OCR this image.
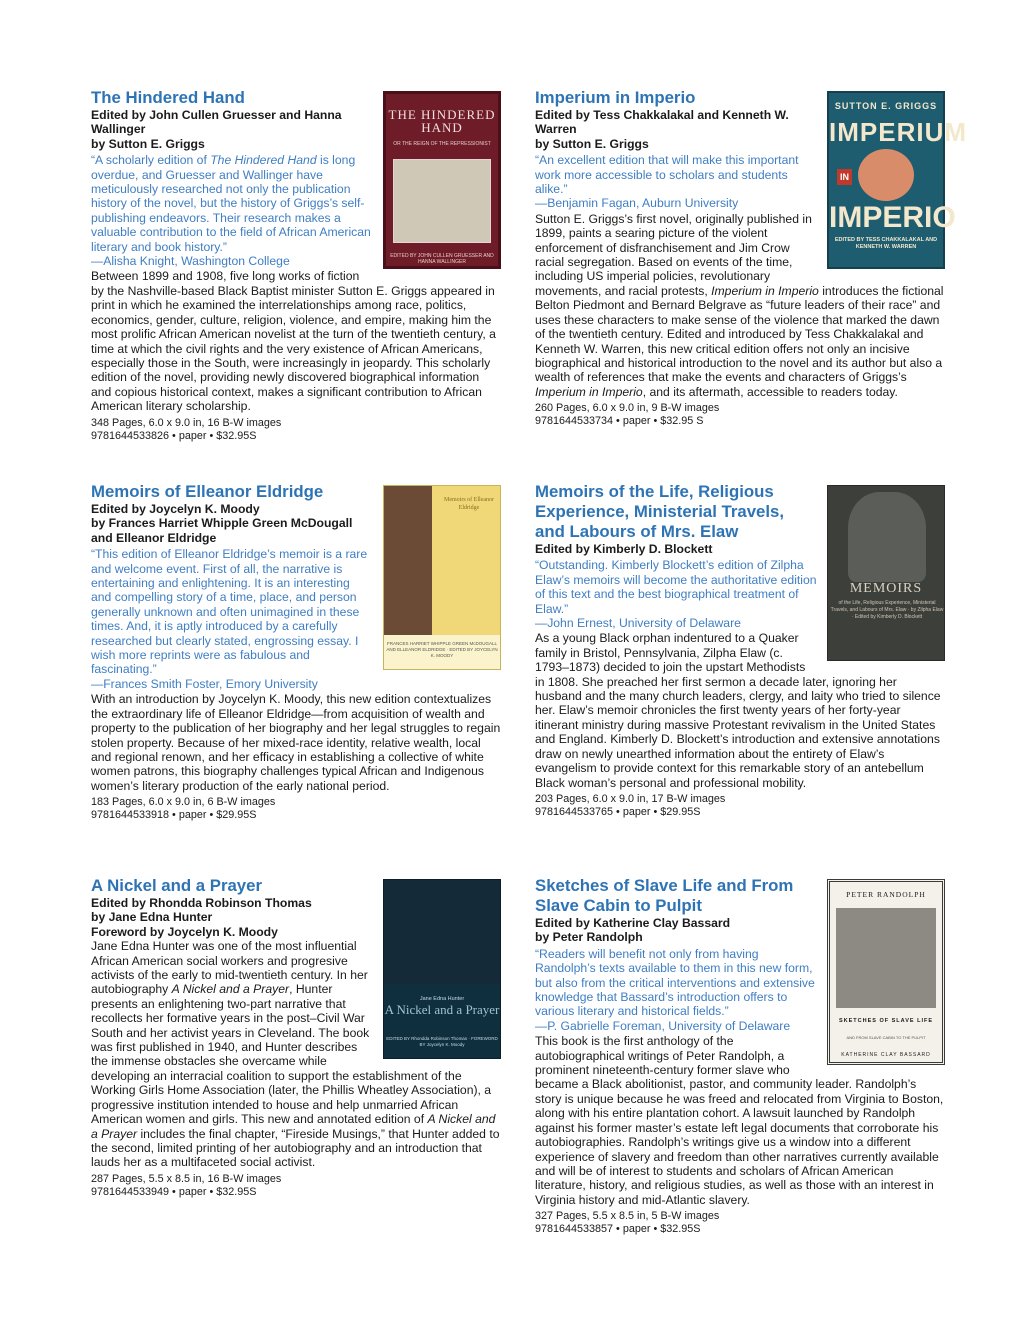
THE HINDERED HAND
OR THE REIGN OF THE REPRESSIONIST
EDITED BY JOHN CULLEN GRUESSER AND HANNA WALLINGER
The Hindered Hand
Edited by John Cullen Gruesser and Hanna Wallinger
by Sutton E. Griggs

“A scholarly edition of The Hindered Hand is long overdue, and Gruesser and Wallinger have meticulously researched not only the publication history of the novel, but the history of Griggs’s self-publishing endeavors. Their research makes a valuable contribution to the field of African American literary and book history.”

—Alisha Knight, Washington College

Between 1899 and 1908, five long works of fiction by the Nashville-based Black Baptist minister Sutton E. Griggs appeared in print in which he examined the interrelationships among race, politics, economics, gender, culture, religion, violence, and empire, making him the most prolific African American novelist at the turn of the twentieth century, a time at which the civil rights and the very existence of African Americans, especially those in the South, were increasingly in jeopardy. This scholarly edition of the novel, providing newly discovered biographical information and copious historical context, makes a significant contribution to African American literary scholarship.

348 Pages, 6.0 x 9.0 in, 16 B-W images
9781644533826 • paper • $32.95S
SUTTON E. GRIGGS
IMPERIUM
IN
IMPERIO
EDITED BY TESS CHAKKALAKAL AND KENNETH W. WARREN
Imperium in Imperio
Edited by Tess Chakkalakal and Kenneth W. Warren
by Sutton E. Griggs

“An excellent edition that will make this important work more accessible to scholars and students alike.”

—Benjamin Fagan, Auburn University

Sutton E. Griggs’s first novel, originally published in 1899, paints a searing picture of the violent enforcement of disfranchisement and Jim Crow racial segregation. Based on events of the time, including US imperial policies, revolutionary movements, and racial protests, Imperium in Imperio introduces the fictional Belton Piedmont and Bernard Belgrave as “future leaders of their race” and uses these characters to make sense of the violence that marked the dawn of the twentieth century. Edited and introduced by Tess Chakkalakal and Kenneth W. Warren, this new critical edition offers not only an incisive biographical and historical introduction to the novel and its author but also a wealth of references that make the events and characters of Griggs’s Imperium in Imperio, and its aftermath, accessible to readers today.

260 Pages, 6.0 x 9.0 in, 9 B-W images
9781644533734 • paper • $32.95 S
Memoirs of Elleanor Eldridge
FRANCES HARRIET WHIPPLE GREEN McDOUGALL AND ELLEANOR ELDRIDGE · EDITED BY JOYCELYN K. MOODY
Memoirs of Elleanor Eldridge
Edited by Joycelyn K. Moody
by Frances Harriet Whipple Green McDougall and Elleanor Eldridge

“This edition of Elleanor Eldridge’s memoir is a rare and welcome event. First of all, the narrative is entertaining and enlightening. It is an interesting and compelling story of a time, place, and person generally unknown and often unimagined in these times. And, it is aptly introduced by a carefully researched but clearly stated, engrossing essay. I wish more reprints were as fabulous and fascinating.”

—Frances Smith Foster, Emory University

With an introduction by Joycelyn K. Moody, this new edition contextualizes the extraordinary life of Elleanor Eldridge—from acquisition of wealth and property to the publication of her biography and her legal struggles to regain stolen property. Because of her mixed-race identity, relative wealth, local and regional renown, and her efficacy in establishing a collective of white women patrons, this biography challenges typical African and Indigenous women’s literary production of the early national period.

183 Pages, 6.0 x 9.0 in, 6 B-W images
9781644533918 • paper • $29.95S
MEMOIRS
of the Life, Religious Experience, Ministerial Travels, and Labours of Mrs. Elaw · by Zilpha Elaw · Edited by Kimberly D. Blockett
Memoirs of the Life, Religious Experience, Ministerial Travels, and Labours of Mrs. Elaw
Edited by Kimberly D. Blockett

“Outstanding. Kimberly Blockett’s edition of Zilpha Elaw’s memoirs will become the authoritative edition of this text and the best biographical treatment of Elaw.”

—John Ernest, University of Delaware

As a young Black orphan indentured to a Quaker family in Bristol, Pennsylvania, Zilpha Elaw (c. 1793–1873) decided to join the upstart Methodists in 1808. She preached her first sermon a decade later, ignoring her husband and the many church leaders, clergy, and laity who tried to silence her. Elaw’s memoir chronicles the first twenty years of her forty-year itinerant ministry during massive Protestant revivalism in the United States and England. Kimberly D. Blockett’s introduction and extensive annotations draw on newly unearthed information about the entirety of Elaw’s evangelism to provide context for this remarkable story of an antebellum Black woman’s personal and professional mobility.

203 Pages, 6.0 x 9.0 in, 17 B-W images
9781644533765 • paper • $29.95S
Jane Edna Hunter
A Nickel and a Prayer
EDITED BY Rhondda Robinson Thomas · FOREWORD BY Joycelyn K. Moody
A Nickel and a Prayer
Edited by Rhondda Robinson Thomas
by Jane Edna Hunter
Foreword by Joycelyn K. Moody

Jane Edna Hunter was one of the most influential African American social workers and progresive activists of the early to mid-twentieth century. In her autobiography A Nickel and a Prayer, Hunter presents an enlightening two-part narrative that recollects her formative years in the post–Civil War South and her activist years in Cleveland. The book was first published in 1940, and Hunter describes the immense obstacles she overcame while developing an interracial coalition to support the establishment of the Working Girls Home Association (later, the Phillis Wheatley Association), a progressive institution intended to house and help unmarried African American women and girls. This new and annotated edition of A Nickel and a Prayer includes the final chapter, “Fireside Musings,” that Hunter added to the second, limited printing of her autobiography and an introduction that lauds her as a multifaceted social activist.

287 Pages, 5.5 x 8.5 in, 16 B-W images
9781644533949 • paper • $32.95S
PETER RANDOLPH
SKETCHES OF SLAVE LIFE
AND FROM SLAVE CABIN TO THE PULPIT
KATHERINE CLAY BASSARD
Sketches of Slave Life and From Slave Cabin to Pulpit
Edited by Katherine Clay Bassard
by Peter Randolph

“Readers will benefit not only from having Randolph’s texts available to them in this new form, but also from the critical interventions and extensive knowledge that Bassard’s introduction offers to various literary and historical fields.”

—P. Gabrielle Foreman, University of Delaware

This book is the first anthology of the autobiographical writings of Peter Randolph, a prominent nineteenth-century former slave who became a Black abolitionist, pastor, and community leader. Randolph’s story is unique because he was freed and relocated from Virginia to Boston, along with his entire plantation cohort. A lawsuit launched by Randolph against his former master’s estate left legal documents that corroborate his autobiographies. Randolph’s writings give us a window into a different experience of slavery and freedom than other narratives currently available and will be of interest to students and scholars of African American literature, history, and religious studies, as well as those with an interest in Virginia history and mid-Atlantic slavery.

327 Pages, 5.5 x 8.5 in, 5 B-W images
9781644533857 • paper • $32.95S
